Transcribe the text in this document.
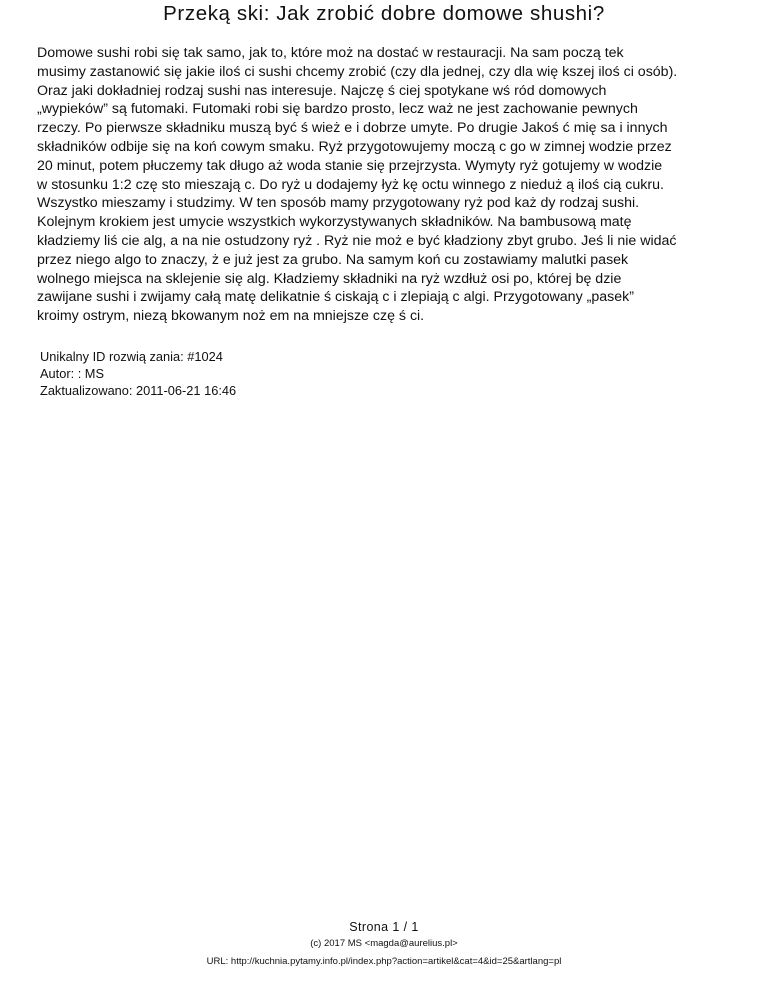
Przeką ski: Jak zrobić dobre domowe shushi?
Domowe sushi robi się tak samo, jak to, które moż na dostać w restauracji. Na sam począ tek
musimy zastanowić się jakie iloś ci sushi chcemy zrobić (czy dla jednej, czy dla wię kszej iloś ci osób).
Oraz jaki dokładniej rodzaj sushi nas interesuje. Najczę ś ciej spotykane wś ród domowych
„wypieków” są futomaki. Futomaki robi się bardzo prosto, lecz waż ne jest zachowanie pewnych
rzeczy. Po pierwsze składniku muszą być ś wież e i dobrze umyte. Po drugie Jakoś ć mię sa i innych
składników odbije się na koń cowym smaku. Ryż przygotowujemy moczą c go w zimnej wodzie przez
20 minut, potem płuczemy tak długo aż woda stanie się przejrzysta. Wymyty ryż gotujemy w wodzie
w stosunku 1:2 czę sto mieszają c. Do ryż u dodajemy łyż kę octu winnego z nieduż ą iloś cią cukru.
Wszystko mieszamy i studzimy. W ten sposób mamy przygotowany ryż pod każ dy rodzaj sushi.
Kolejnym krokiem jest umycie wszystkich wykorzystywanych składników. Na bambusową matę
kładziemy liś cie alg, a na nie ostudzony ryż . Ryż nie moż e być kładziony zbyt grubo. Jeś li nie widać
przez niego algo to znaczy, ż e już jest za grubo. Na samym koń cu zostawiamy malutki pasek
wolnego miejsca na sklejenie się alg. Kładziemy składniki na ryż wzdłuż osi po, której bę dzie
zawijane sushi i zwijamy całą matę delikatnie ś ciskają c i zlepiają c algi. Przygotowany „pasek”
kroimy ostrym, niezą bkowanym noż em na mniejsze czę ś ci.
Unikalny ID rozwią zania: #1024
Autor: : MS
Zaktualizowano: 2011-06-21 16:46
Strona 1 / 1
(c) 2017 MS <magda@aurelius.pl>
URL: http://kuchnia.pytamy.info.pl/index.php?action=artikel&cat=4&id=25&artlang=pl
